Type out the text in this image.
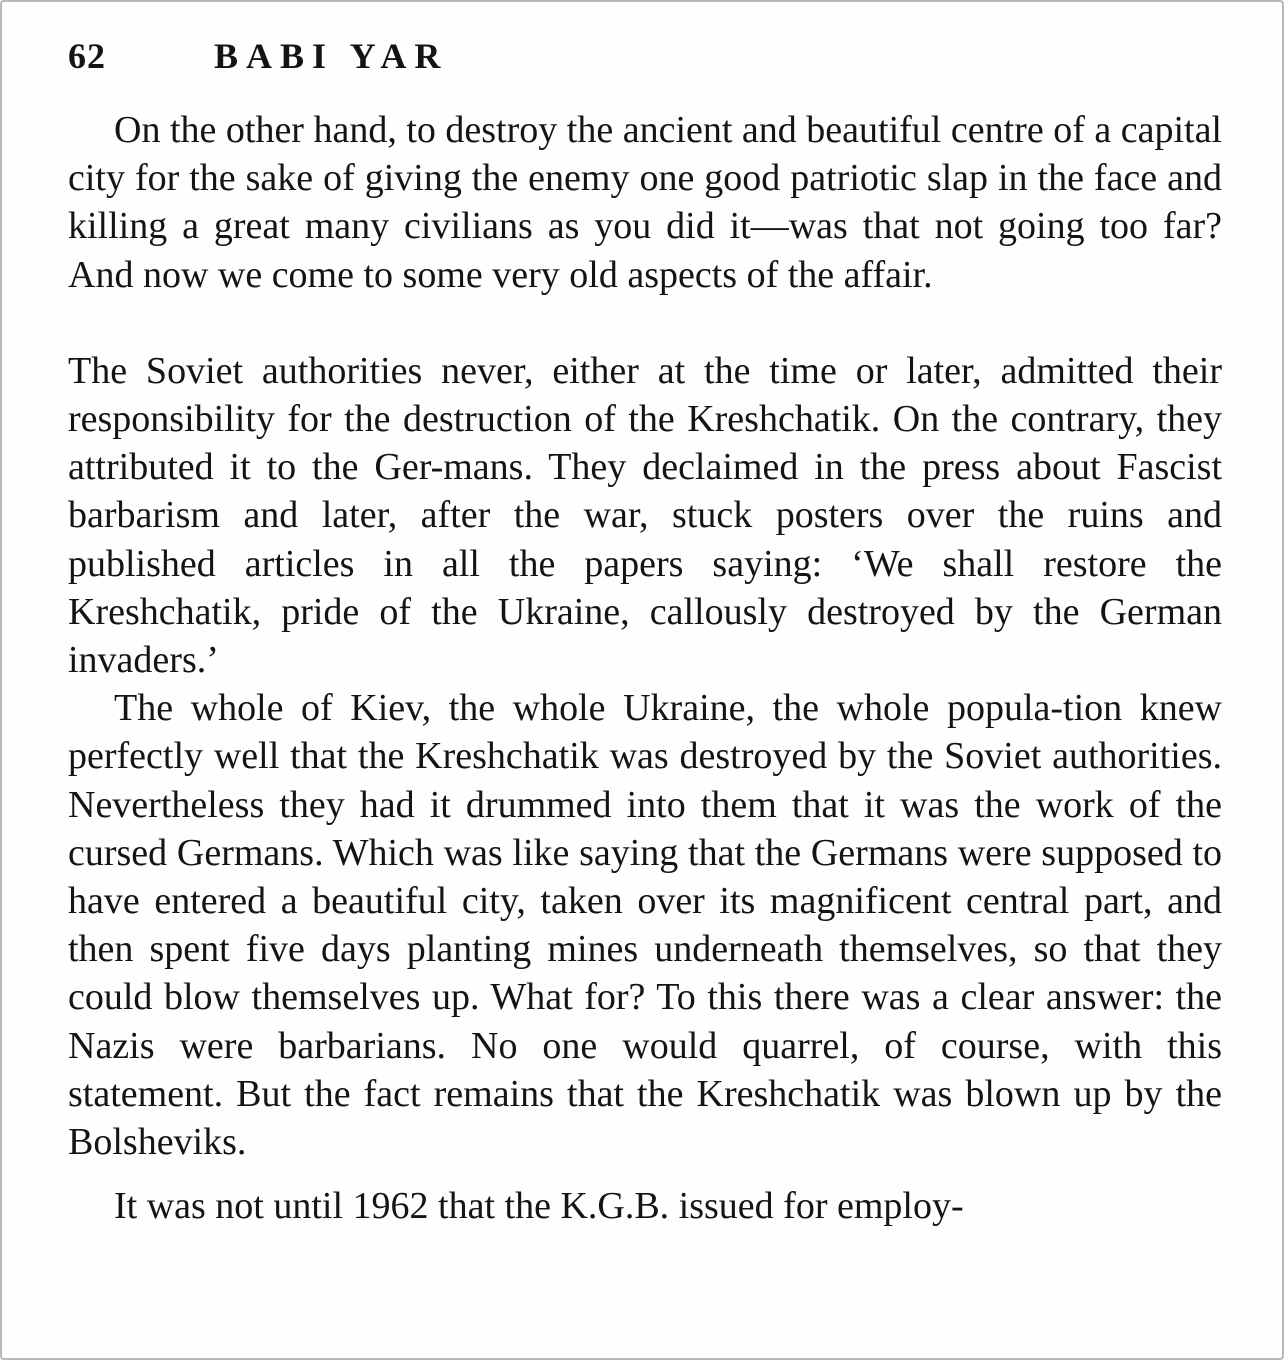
62	BABI YAR

On the other hand, to destroy the ancient and beautiful centre of a capital city for the sake of giving the enemy one good patriotic slap in the face and killing a great many civilians as you did it—was that not going too far? And now we come to some very old aspects of the affair.

The Soviet authorities never, either at the time or later, admitted their responsibility for the destruction of the Kreshchatik. On the contrary, they attributed it to the Ger-mans. They declaimed in the press about Fascist barbarism and later, after the war, stuck posters over the ruins and published articles in all the papers saying: ‘We shall restore the Kreshchatik, pride of the Ukraine, callously destroyed by the German invaders.’

The whole of Kiev, the whole Ukraine, the whole popula-tion knew perfectly well that the Kreshchatik was destroyed by the Soviet authorities. Nevertheless they had it drummed into them that it was the work of the cursed Germans. Which was like saying that the Germans were supposed to have entered a beautiful city, taken over its magnificent central part, and then spent five days planting mines underneath themselves, so that they could blow themselves up. What for? To this there was a clear answer: the Nazis were barbarians. No one would quarrel, of course, with this statement. But the fact remains that the Kreshchatik was blown up by the Bolsheviks.

It was not until 1962 that the K.G.B. issued for employ-
